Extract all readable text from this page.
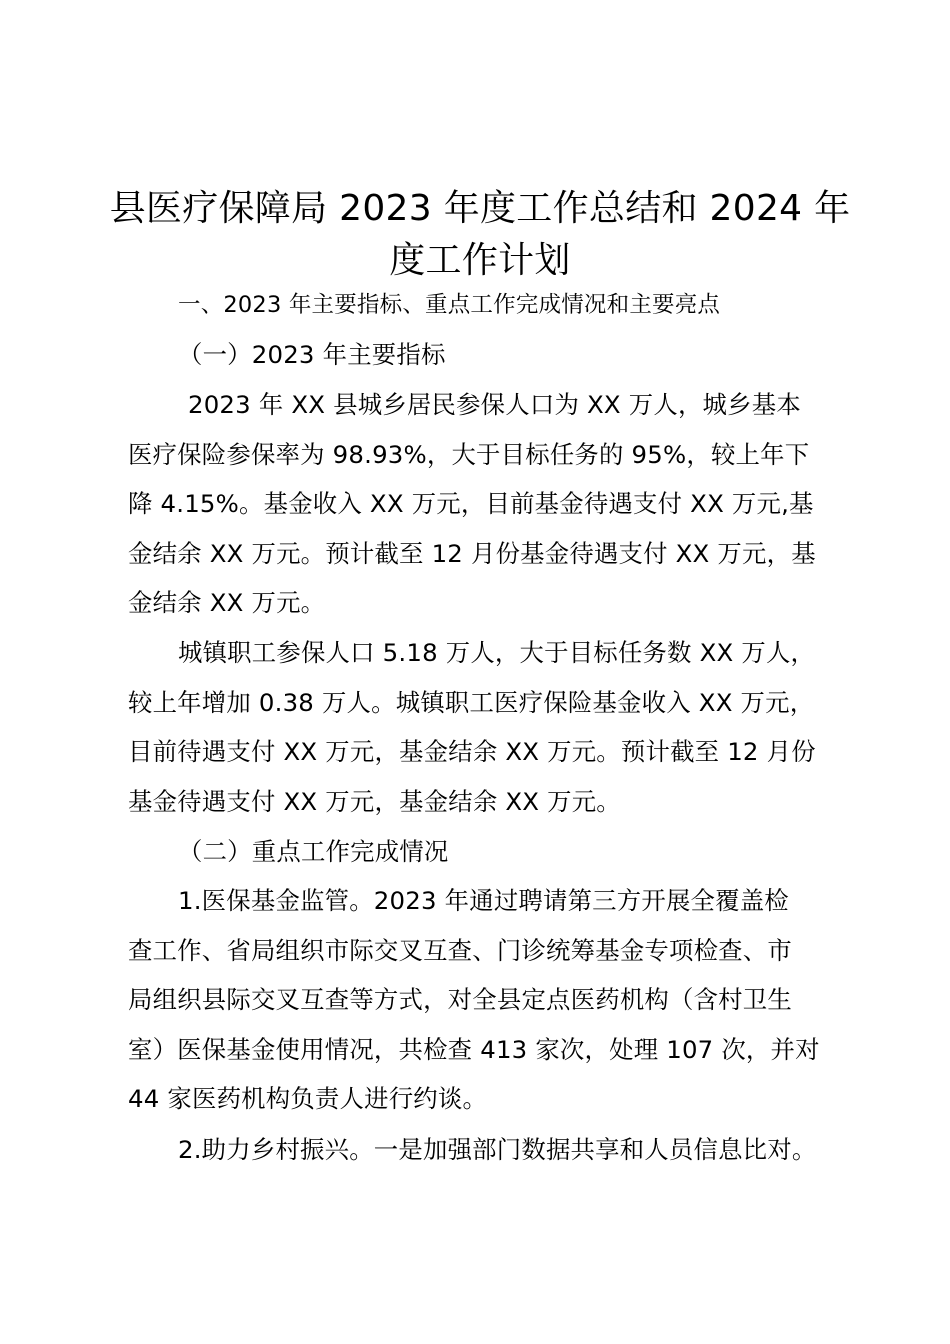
县医疗保障局 2023 年度工作总结和 2024 年
度工作计划

一、2023 年主要指标、重点工作完成情况和主要亮点

（一）2023 年主要指标

2023 年 XX 县城乡居民参保人口为 XX 万人，城乡基本
医疗保险参保率为 98.93%，大于目标任务的 95%，较上年下
降 4.15%。基金收入 XX 万元，目前基金待遇支付 XX 万元,基
金结余 XX 万元。预计截至 12 月份基金待遇支付 XX 万元，基
金结余 XX 万元。

城镇职工参保人口 5.18 万人，大于目标任务数 XX 万人，
较上年增加 0.38 万人。城镇职工医疗保险基金收入 XX 万元，
目前待遇支付 XX 万元，基金结余 XX 万元。预计截至 12 月份
基金待遇支付 XX 万元，基金结余 XX 万元。

（二）重点工作完成情况

1.医保基金监管。2023 年通过聘请第三方开展全覆盖检
查工作、省局组织市际交叉互查、门诊统筹基金专项检查、市
局组织县际交叉互查等方式，对全县定点医药机构（含村卫生
室）医保基金使用情况，共检查 413 家次，处理 107 次，并对
44 家医药机构负责人进行约谈。

2.助力乡村振兴。一是加强部门数据共享和人员信息比对。
